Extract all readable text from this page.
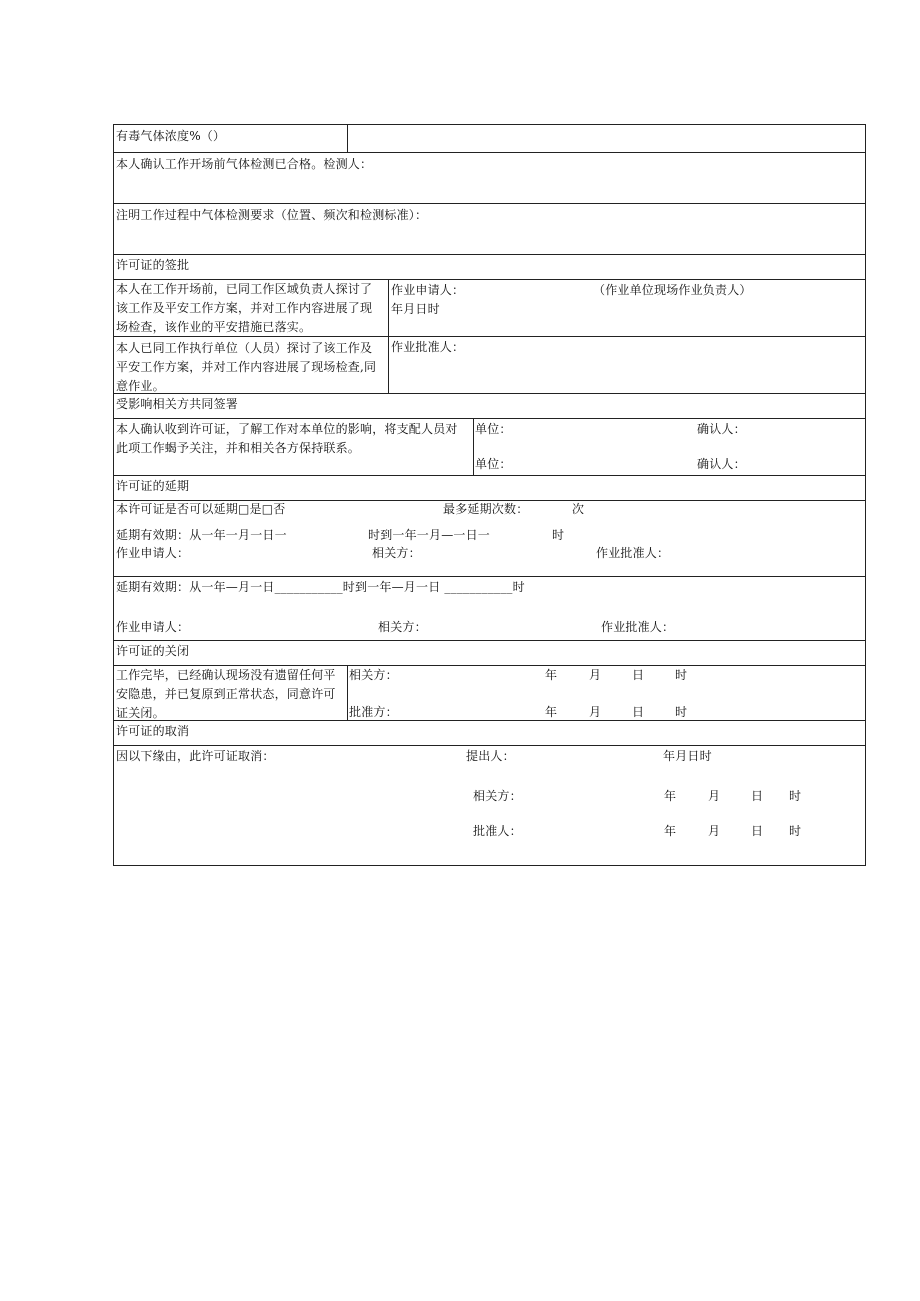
有毒气体浓度%（）
本人确认工作开场前气体检测已合格。检测人：
注明工作过程中气体检测要求（位置、频次和检测标准）：
许可证的签批
本人在工作开场前，已同工作区域负责人探讨了该工作及平安工作方案，并对工作内容进展了现场检查，该作业的平安措施已落实。
作业申请人：	（作业单位现场作业负责人）
年月日时
本人已同工作执行单位（人员）探讨了该工作及平安工作方案，并对工作内容进展了现场检查,同意作业。
作业批准人：
受影响相关方共同签署
本人确认收到许可证，了解工作对本单位的影响，将支配人员对此项工作蝎予关注，并和相关各方保持联系。
单位：	确认人：
单位：	确认人：
许可证的延期
本许可证是否可以延期□是□否	最多延期次数：	次
延期有效期：从一年一月一日一	时到一年一月—一日一	时
作业申请人：	相关方：	作业批准人：
延期有效期：从一年—月一日___________时到一年—月一日 ___________时
作业申请人：	相关方：	作业批准人：
许可证的关闭
工作完毕，已经确认现场没有遗留任何平安隐患，并已复原到正常状态，同意许可证关闭。
相关方：	年	月	日	时
批准方：	年	月	日	时
许可证的取消
因以下缘由，此许可证取消：	提出人：	年月日时
相关方：	年	月	日 时
批准人：	年	月	日 时
